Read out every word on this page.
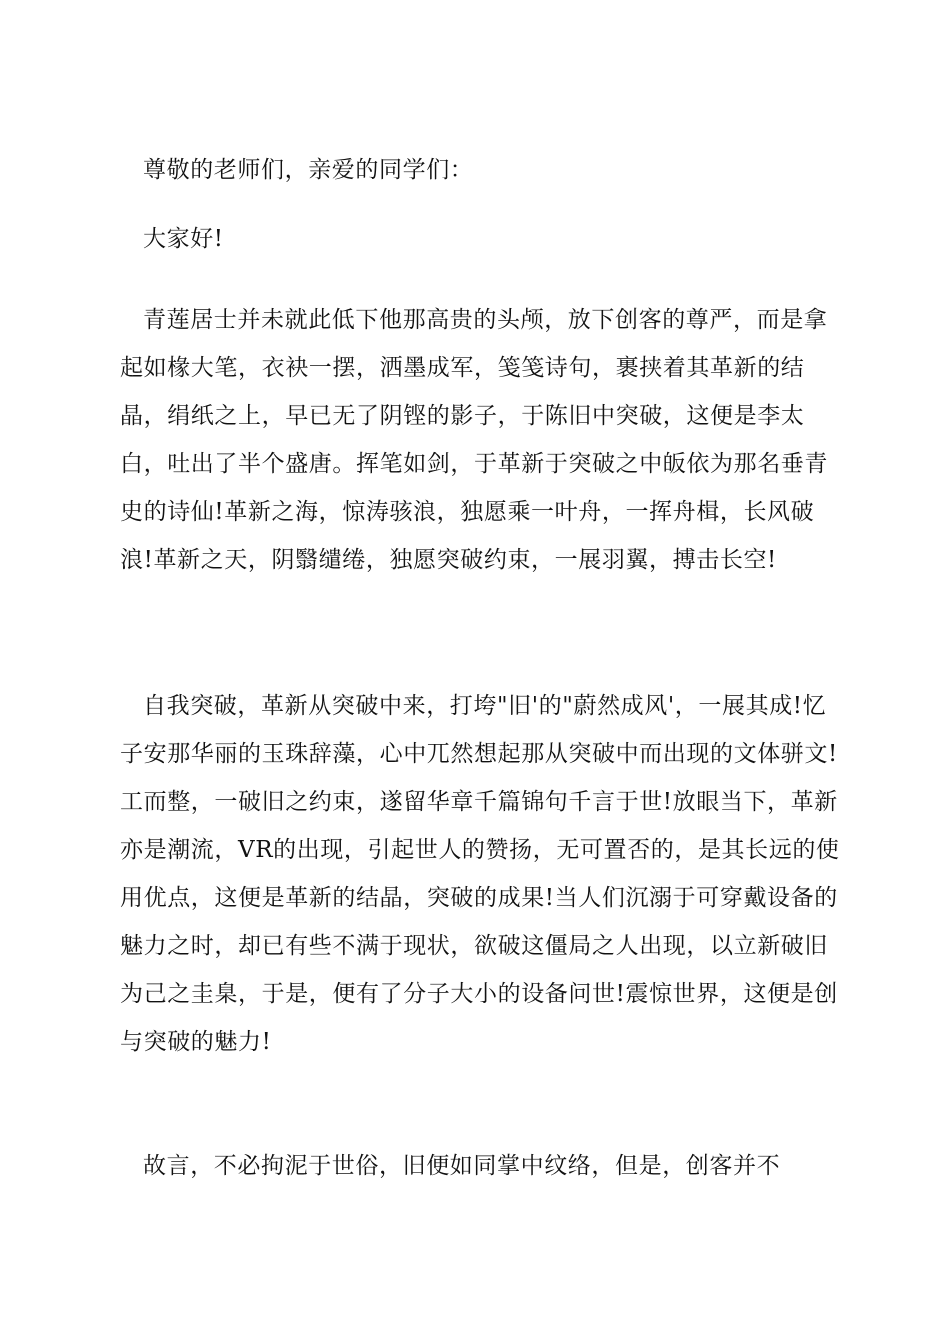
尊敬的老师们，亲爱的同学们：

大家好!

青莲居士并未就此低下他那高贵的头颅，放下创客的尊严，而是拿起如椽大笔，衣袂一摆，洒墨成军，笺笺诗句，裹挟着其革新的结晶，绢纸之上，早已无了阴铿的影子，于陈旧中突破，这便是李太白，吐出了半个盛唐。挥笔如剑，于革新于突破之中皈依为那名垂青史的诗仙!革新之海，惊涛骇浪，独愿乘一叶舟，一挥舟楫，长风破浪!革新之天，阴翳缱绻，独愿突破约束，一展羽翼，搏击长空!

自我突破，革新从突破中来，打垮"旧'的"蔚然成风'，一展其成!忆子安那华丽的玉珠辞藻，心中兀然想起那从突破中而出现的文体骈文!工而整，一破旧之约束，遂留华章千篇锦句千言于世!放眼当下，革新亦是潮流，VR的出现，引起世人的赞扬，无可置否的，是其长远的使用优点，这便是革新的结晶，突破的成果!当人们沉溺于可穿戴设备的魅力之时，却已有些不满于现状，欲破这僵局之人出现，以立新破旧为己之圭臬，于是，便有了分子大小的设备问世!震惊世界，这便是创与突破的魅力!

故言，不必拘泥于世俗，旧便如同掌中纹络，但是，创客并不
